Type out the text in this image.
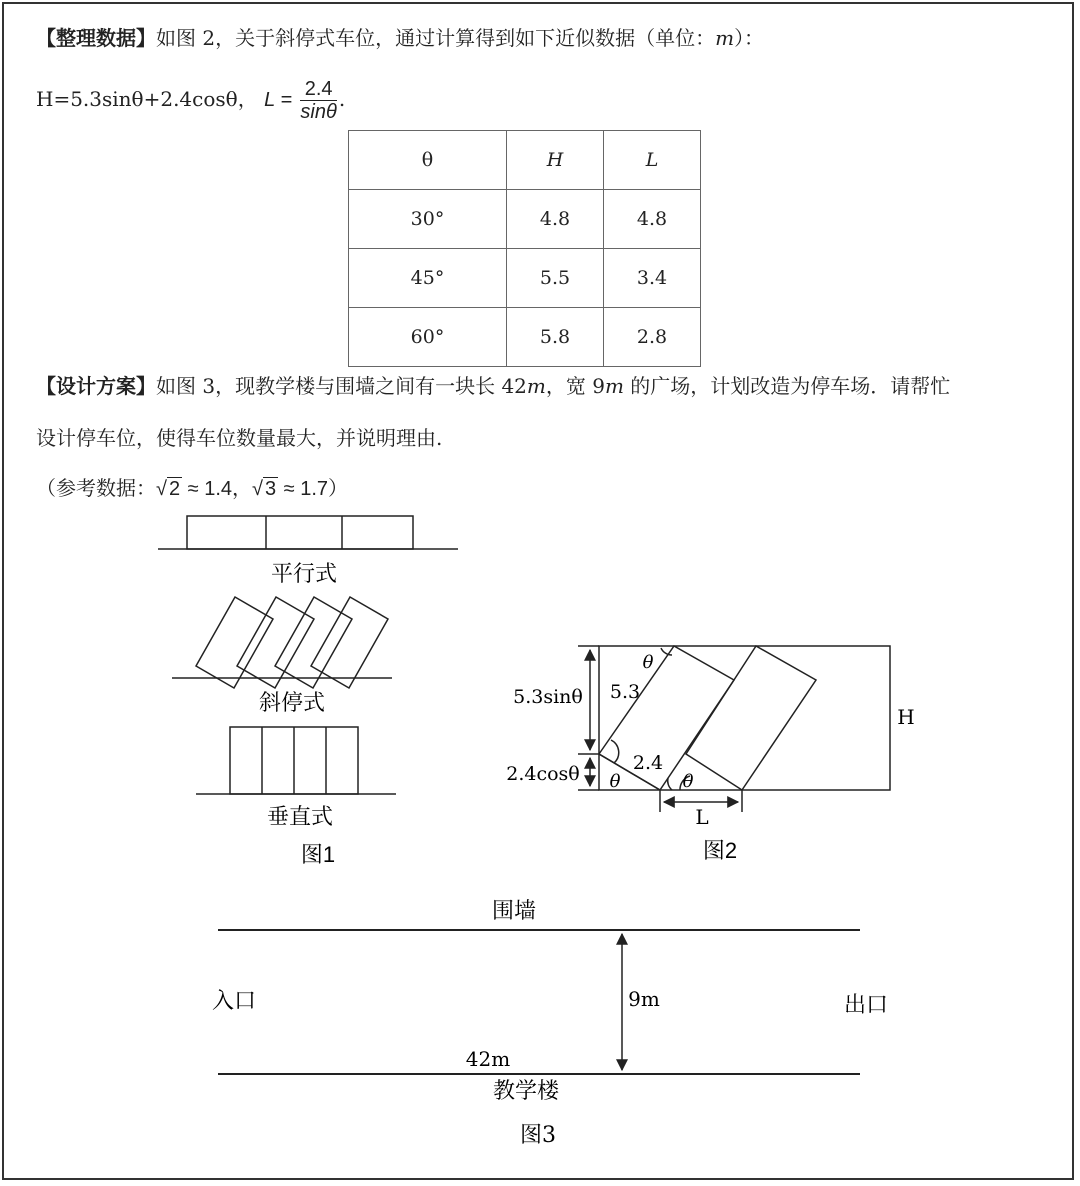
【整理数据】如图 2，关于斜停式车位，通过计算得到如下近似数据（单位：m）：
H=5.3sinθ+2.4cosθ， $L = \frac{2.4}{\sin\theta}$ .
θ	H	L
30°	4.8	4.8
45°	5.5	3.4
60°	5.8	2.8
【设计方案】如图 3，现教学楼与围墙之间有一块长 42m，宽 9m 的广场，计划改造为停车场．请帮忙
设计停车位，使得车位数量最大，并说明理由.
（参考数据：√ 2 ≈ 1.4，√ 3 ≈ 1.7）
平行式
斜停式
垂直式
图1
5.3sinθ 5.3
θ
2.4cosθ	2.4
θ	θ
H
L
图2
围墙
入口	出口
9m
42m
教学楼
图3
